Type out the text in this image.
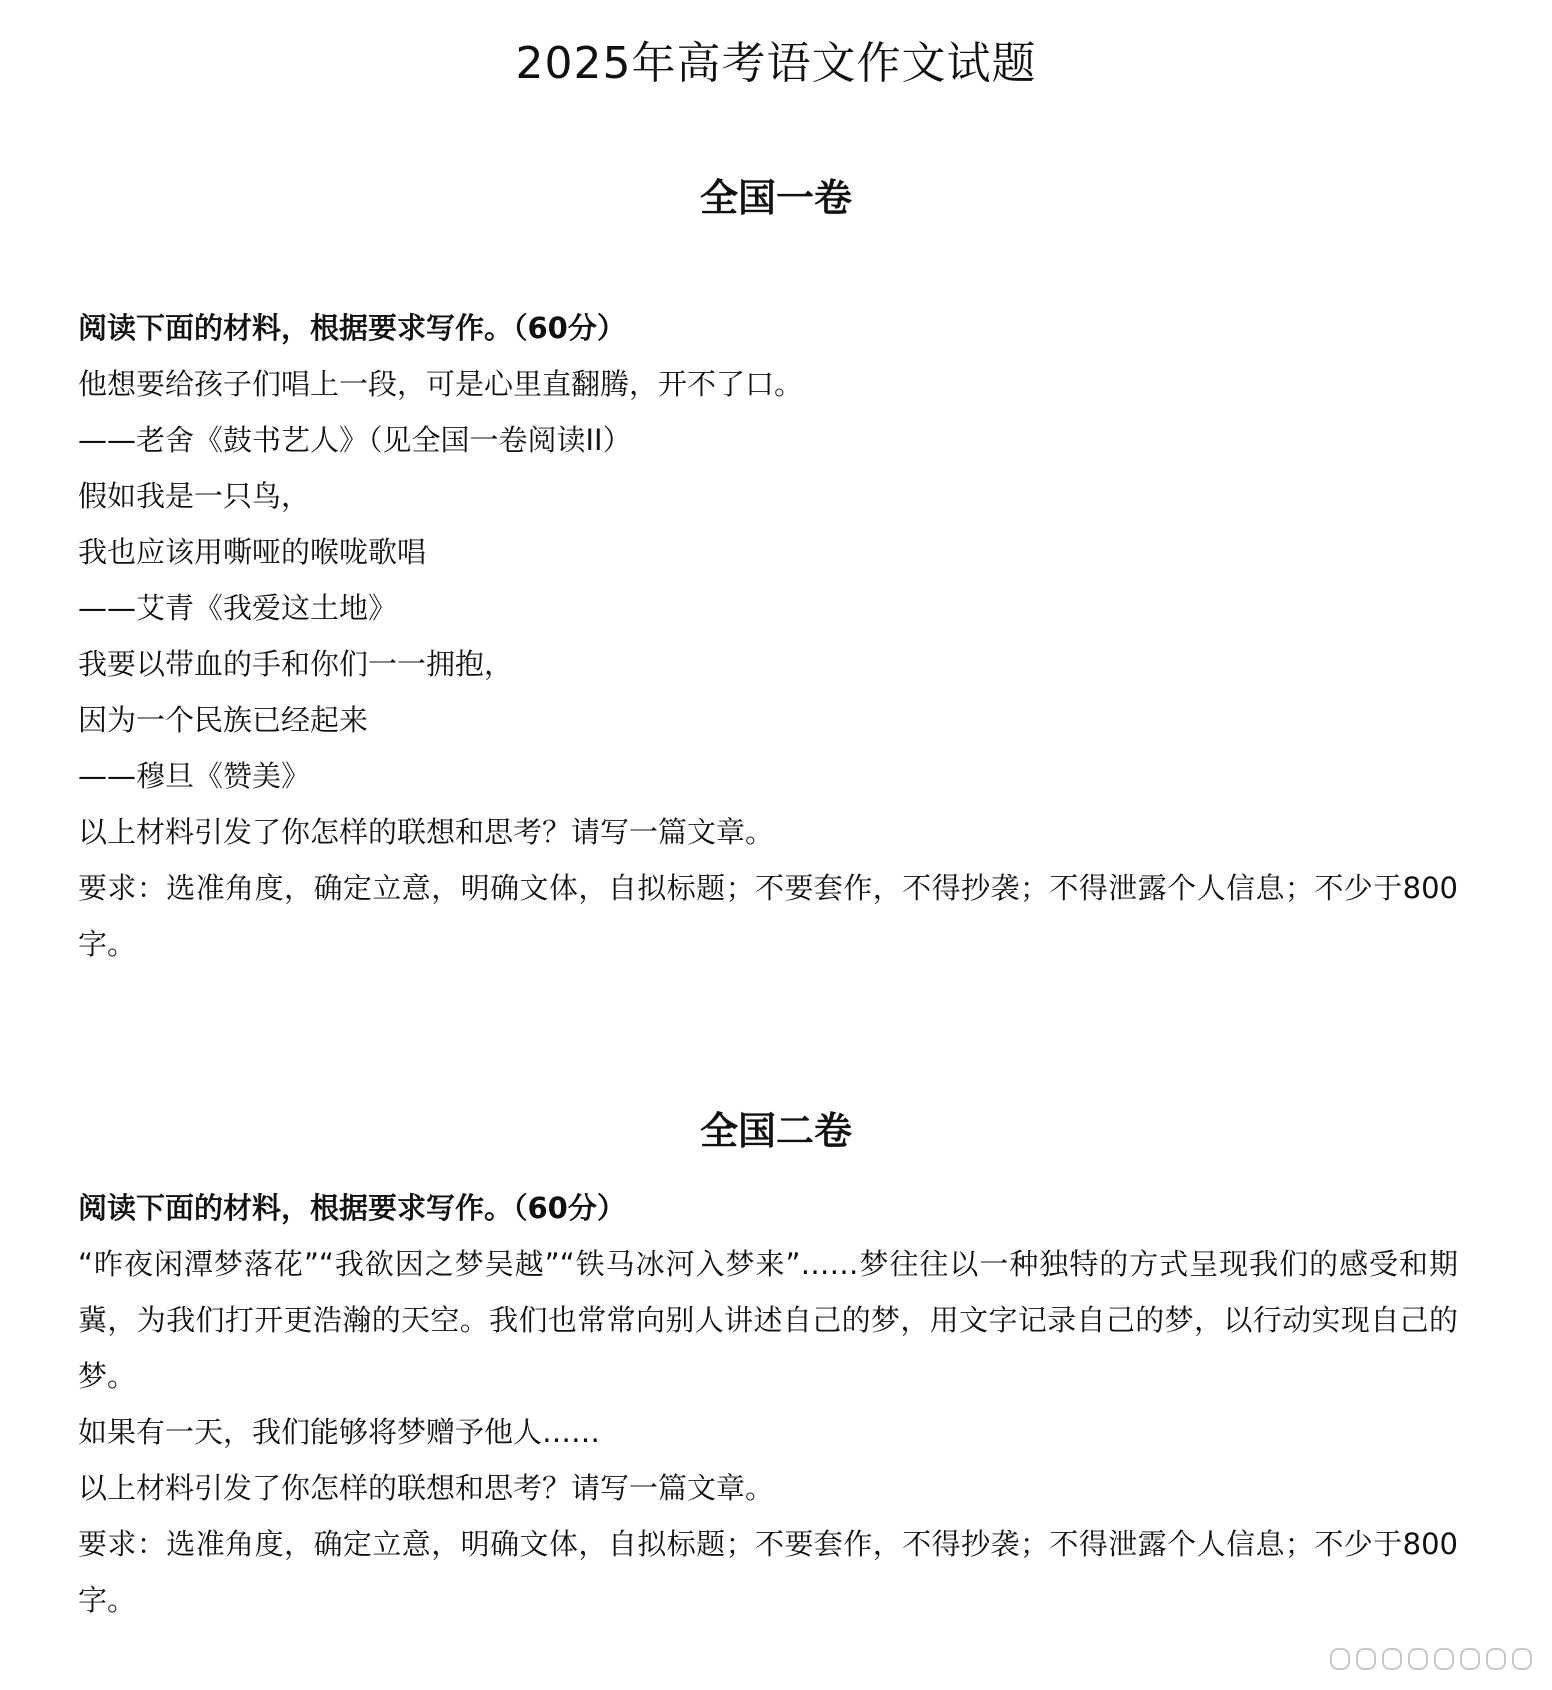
2025年高考语文作文试题
全国一卷

阅读下面的材料，根据要求写作。（60分）

他想要给孩子们唱上一段，可是心里直翻腾，开不了口。

——老舍《鼓书艺人》（见全国一卷阅读II）

假如我是一只鸟，

我也应该用嘶哑的喉咙歌唱

——艾青《我爱这土地》

我要以带血的手和你们一一拥抱，

因为一个民族已经起来

——穆旦《赞美》

以上材料引发了你怎样的联想和思考？请写一篇文章。

要求：选准角度，确定立意，明确文体，自拟标题；不要套作，不得抄袭；不得泄露个人信息；不少于800字。

全国二卷

阅读下面的材料，根据要求写作。（60分）

“昨夜闲潭梦落花”“我欲因之梦吴越”“铁马冰河入梦来”……梦往往以一种独特的方式呈现我们的感受和期冀，为我们打开更浩瀚的天空。我们也常常向别人讲述自己的梦，用文字记录自己的梦，以行动实现自己的梦。

如果有一天，我们能够将梦赠予他人……

以上材料引发了你怎样的联想和思考？请写一篇文章。

要求：选准角度，确定立意，明确文体，自拟标题；不要套作，不得抄袭；不得泄露个人信息；不少于800字。
